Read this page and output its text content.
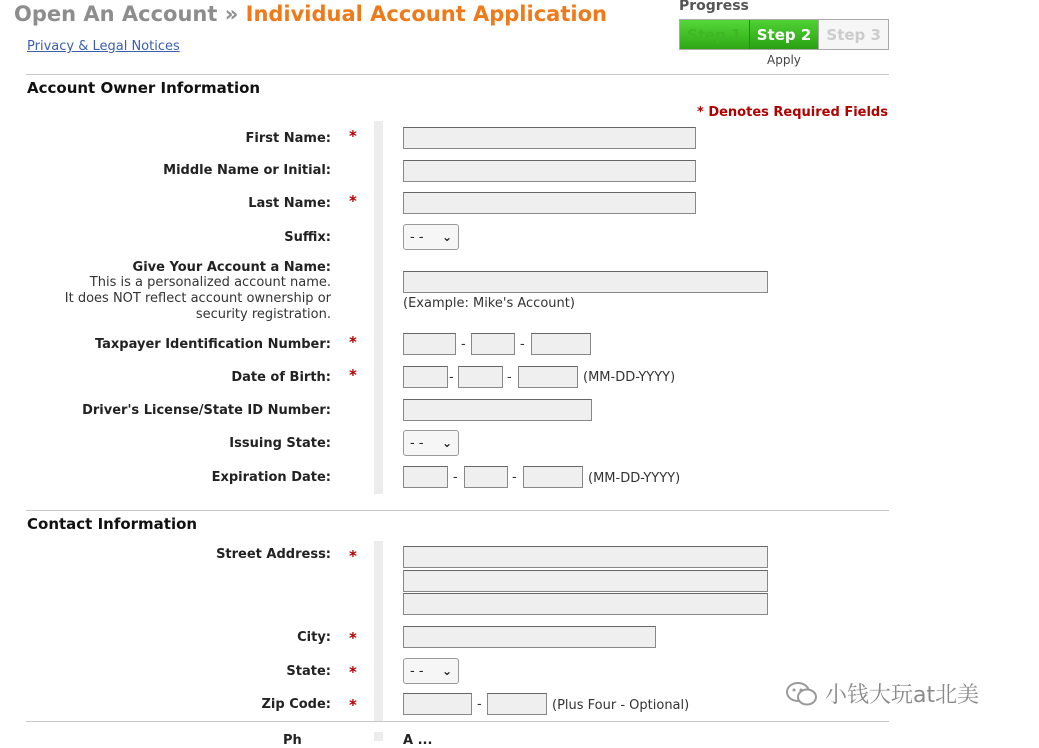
Open An Account » Individual Account Application
Privacy & Legal Notices
Progress
Step 1	Step 2	Step 3
Apply
Account Owner Information
* Denotes Required Fields
First Name: *
Middle Name or Initial:
Last Name: *
Suffix:	- - ⌄
Give Your Account a Name:
This is a personalized account name.
It does NOT reflect account ownership or
security registration.
(Example: Mike's Account)
Taxpayer Identification Number: *	-	-
Date of Birth: *	-	-	(MM-DD-YYYY)
Driver's License/State ID Number:
Issuing State:	- - ⌄
Expiration Date:	-	-	(MM-DD-YYYY)
Contact Information
Street Address: *
City: *
State: *	- - ⌄
Zip Code: *	-	(Plus Four - Optional)
Ph	A ...
小钱大玩at北美
